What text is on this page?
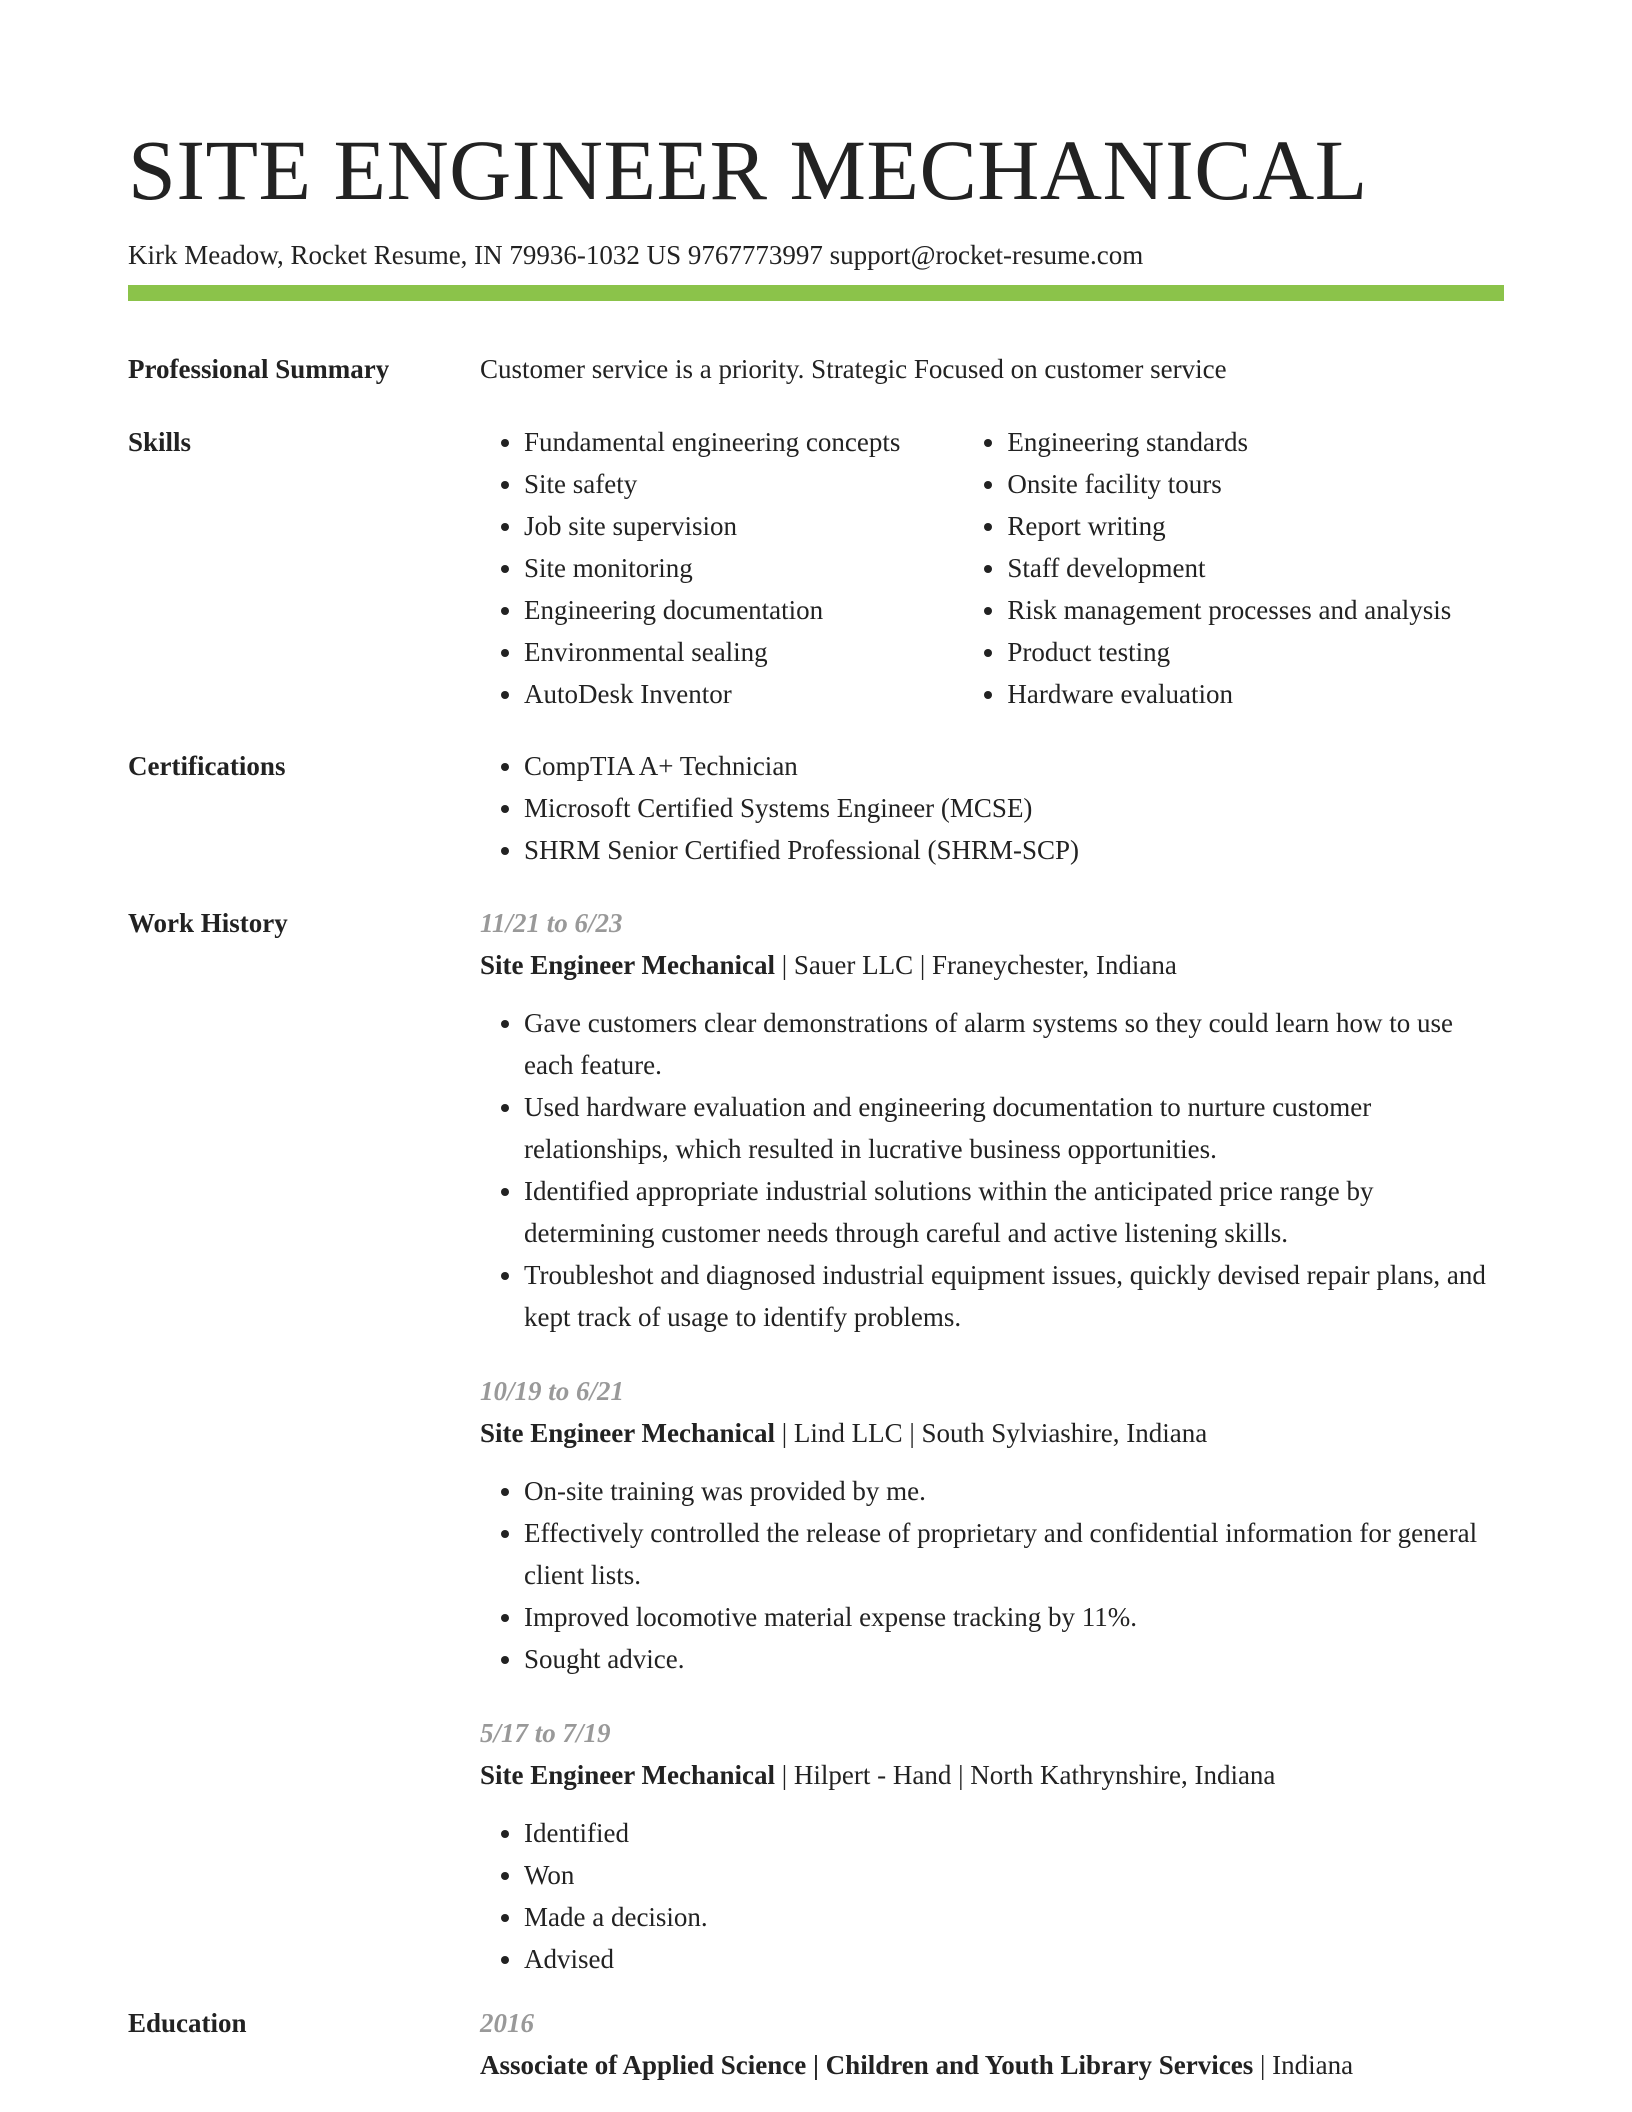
SITE ENGINEER MECHANICAL
Kirk Meadow, Rocket Resume, IN 79936-1032 US 9767773997 support@rocket-resume.com
Professional Summary	Customer service is a priority. Strategic Focused on customer service
Skills	• Fundamental engineering concepts
• Site safety
• Job site supervision
• Site monitoring
• Engineering documentation
• Environmental sealing
• AutoDesk Inventor
• Engineering standards
• Onsite facility tours
• Report writing
• Staff development
• Risk management processes and analysis
• Product testing
• Hardware evaluation
Certifications	• CompTIA A+ Technician
• Microsoft Certified Systems Engineer (MCSE)
• SHRM Senior Certified Professional (SHRM-SCP)
Work History	11/21 to 6/23
Site Engineer Mechanical | Sauer LLC | Franeychester, Indiana
• Gave customers clear demonstrations of alarm systems so they could learn how to use each feature.
• Used hardware evaluation and engineering documentation to nurture customer relationships, which resulted in lucrative business opportunities.
• Identified appropriate industrial solutions within the anticipated price range by determining customer needs through careful and active listening skills.
• Troubleshot and diagnosed industrial equipment issues, quickly devised repair plans, and kept track of usage to identify problems.
10/19 to 6/21
Site Engineer Mechanical | Lind LLC | South Sylviashire, Indiana
• On-site training was provided by me.
• Effectively controlled the release of proprietary and confidential information for general client lists.
• Improved locomotive material expense tracking by 11%.
• Sought advice.
5/17 to 7/19
Site Engineer Mechanical | Hilpert - Hand | North Kathrynshire, Indiana
• Identified
• Won
• Made a decision.
• Advised
Education	2016
Associate of Applied Science | Children and Youth Library Services | Indiana
